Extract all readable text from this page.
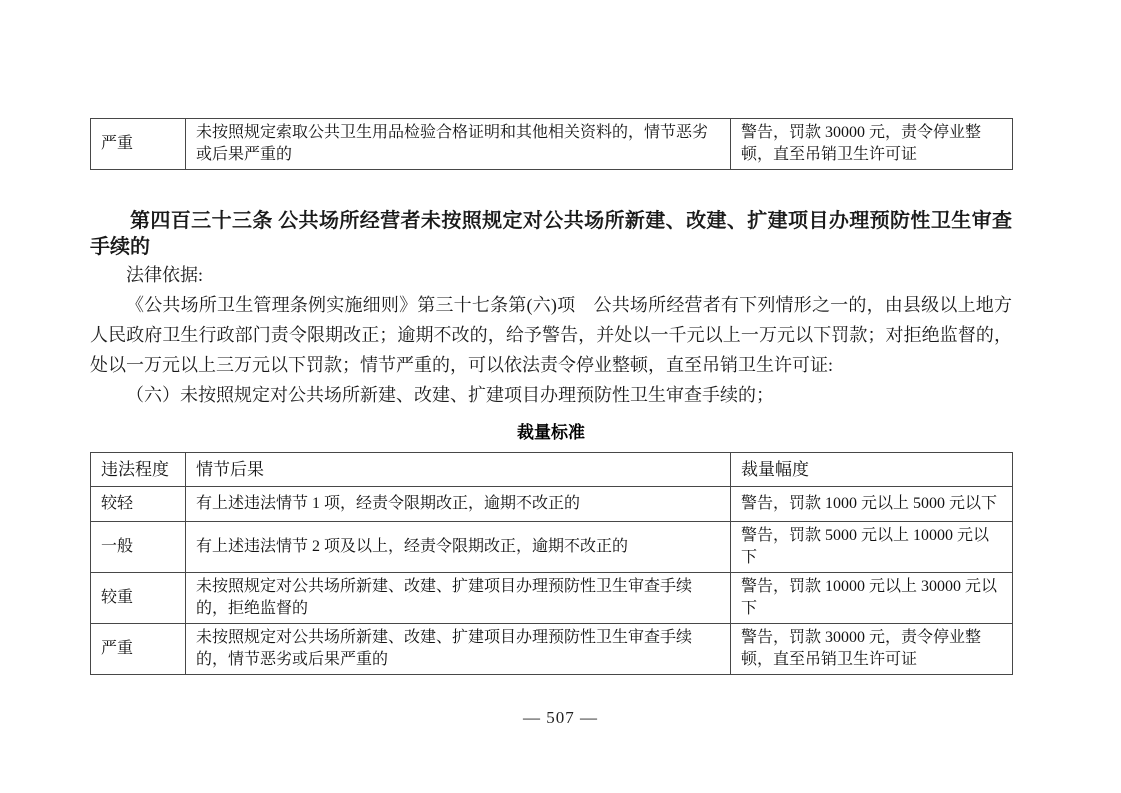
严重	未按照规定索取公共卫生用品检验合格证明和其他相关资料的，情节恶劣或后果严重的	警告，罚款 30000 元，责令停业整顿，直至吊销卫生许可证
第四百三十三条 公共场所经营者未按照规定对公共场所新建、改建、扩建项目办理预防性卫生审查手续的
法律依据:
《公共场所卫生管理条例实施细则》第三十七条第(六)项　公共场所经营者有下列情形之一的，由县级以上地方人民政府卫生行政部门责令限期改正；逾期不改的，给予警告，并处以一千元以上一万元以下罚款；对拒绝监督的，处以一万元以上三万元以下罚款；情节严重的，可以依法责令停业整顿，直至吊销卫生许可证:
（六）未按照规定对公共场所新建、改建、扩建项目办理预防性卫生审查手续的；
裁量标准
违法程度	情节后果	裁量幅度
较轻	有上述违法情节 1 项，经责令限期改正，逾期不改正的	警告，罚款 1000 元以上 5000 元以下
一般	有上述违法情节 2 项及以上，经责令限期改正，逾期不改正的	警告，罚款 5000 元以上 10000 元以下
较重	未按照规定对公共场所新建、改建、扩建项目办理预防性卫生审查手续的，拒绝监督的	警告，罚款 10000 元以上 30000 元以下
严重	未按照规定对公共场所新建、改建、扩建项目办理预防性卫生审查手续的，情节恶劣或后果严重的	警告，罚款 30000 元，责令停业整顿，直至吊销卫生许可证
— 507 —
